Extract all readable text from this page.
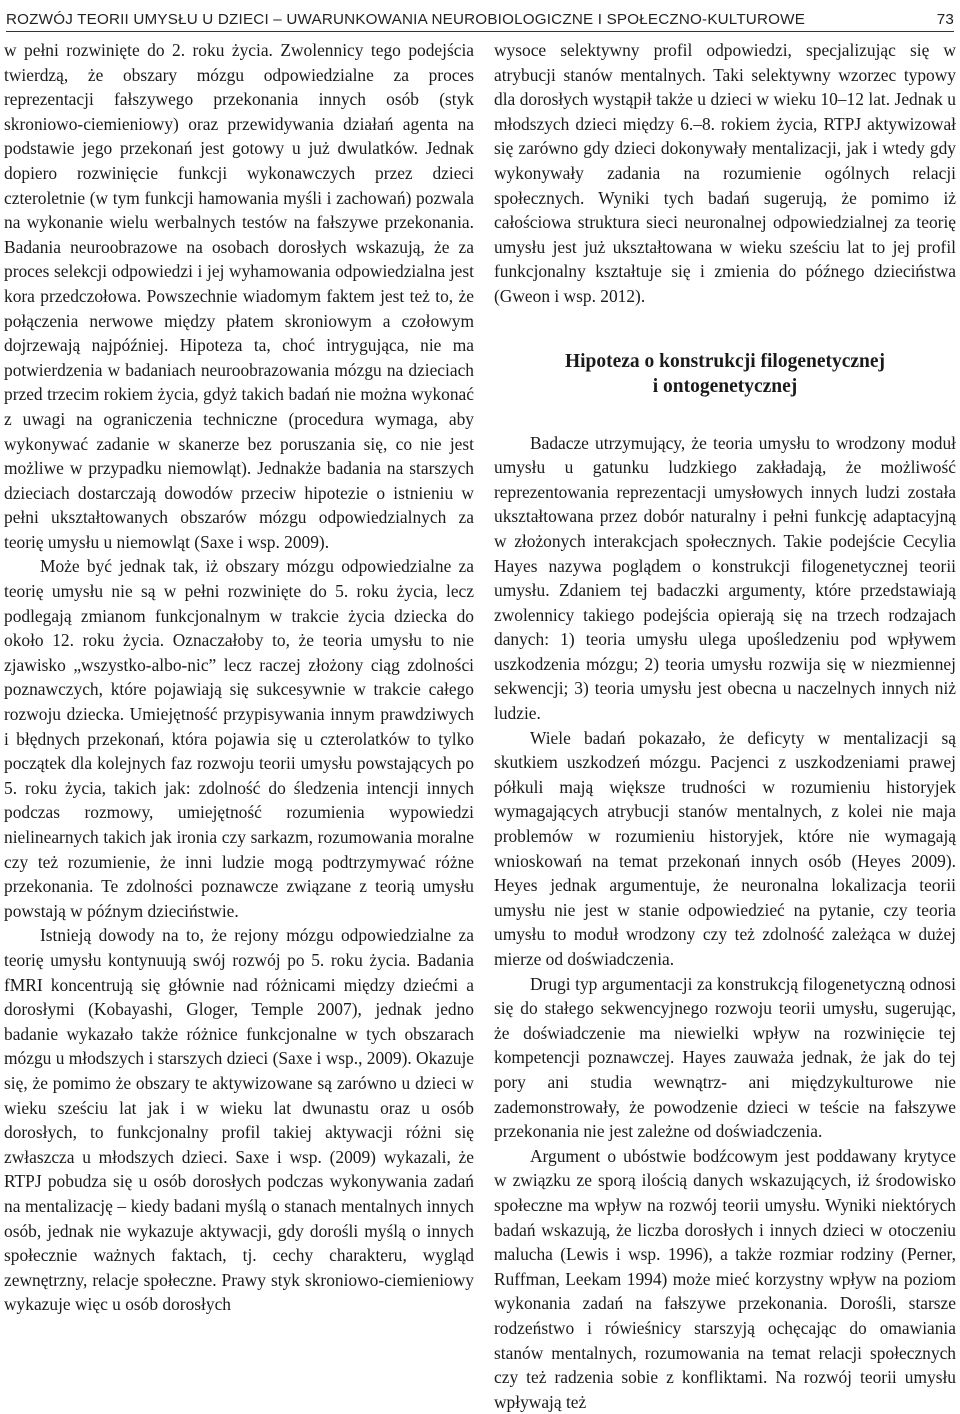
ROZWÓJ TEORII UMYSŁU U DZIECI – UWARUNKOWANIA NEUROBIOLOGICZNE I SPOŁECZNO-KULTUROWE	73

w pełni rozwinięte do 2. roku życia. Zwolennicy tego podejścia twierdzą, że obszary mózgu odpowiedzialne za proces reprezentacji fałszywego przekonania innych osób (styk skroniowo-ciemieniowy) oraz przewidywania działań agenta na podstawie jego przekonań jest gotowy u już dwulatków. Jednak dopiero rozwinięcie funkcji wykonawczych przez dzieci czteroletnie (w tym funkcji hamowania myśli i zachowań) pozwala na wykonanie wielu werbalnych testów na fałszywe przekonania. Badania neuroobrazowe na osobach dorosłych wskazują, że za proces selekcji odpowiedzi i jej wyhamowania odpowiedzialna jest kora przedczołowa. Powszechnie wiadomym faktem jest też to, że połączenia nerwowe między płatem skroniowym a czołowym dojrzewają najpóźniej. Hipoteza ta, choć intrygująca, nie ma potwierdzenia w badaniach neuroobrazowania mózgu na dzieciach przed trzecim rokiem życia, gdyż takich badań nie można wykonać z uwagi na ograniczenia techniczne (procedura wymaga, aby wykonywać zadanie w skanerze bez poruszania się, co nie jest możliwe w przypadku niemowląt). Jednakże badania na starszych dzieciach dostarczają dowodów przeciw hipotezie o istnieniu w pełni ukształtowanych obszarów mózgu odpowiedzialnych za teorię umysłu u niemowląt (Saxe i wsp. 2009).

Może być jednak tak, iż obszary mózgu odpowiedzialne za teorię umysłu nie są w pełni rozwinięte do 5. roku życia, lecz podlegają zmianom funkcjonalnym w trakcie życia dziecka do około 12. roku życia. Oznaczałoby to, że teoria umysłu to nie zjawisko „wszystko-albo-nic” lecz raczej złożony ciąg zdolności poznawczych, które pojawiają się sukcesywnie w trakcie całego rozwoju dziecka. Umiejętność przypisywania innym prawdziwych i błędnych przekonań, która pojawia się u czterolatków to tylko początek dla kolejnych faz rozwoju teorii umysłu powstających po 5. roku życia, takich jak: zdolność do śledzenia intencji innych podczas rozmowy, umiejętność rozumienia wypowiedzi nielinearnych takich jak ironia czy sarkazm, rozumowania moralne czy też rozumienie, że inni ludzie mogą podtrzymywać różne przekonania. Te zdolności poznawcze związane z teorią umysłu powstają w późnym dzieciństwie.

Istnieją dowody na to, że rejony mózgu odpowiedzialne za teorię umysłu kontynuują swój rozwój po 5. roku życia. Badania fMRI koncentrują się głównie nad różnicami między dziećmi a dorosłymi (Kobayashi, Gloger, Temple 2007), jednak jedno badanie wykazało także różnice funkcjonalne w tych obszarach mózgu u młodszych i starszych dzieci (Saxe i wsp., 2009). Okazuje się, że pomimo że obszary te aktywizowane są zarówno u dzieci w wieku sześciu lat jak i w wieku lat dwunastu oraz u osób dorosłych, to funkcjonalny profil takiej aktywacji różni się zwłaszcza u młodszych dzieci. Saxe i wsp. (2009) wykazali, że RTPJ pobudza się u osób dorosłych podczas wykonywania zadań na mentalizację – kiedy badani myślą o stanach mentalnych innych osób, jednak nie wykazuje aktywacji, gdy dorośli myślą o innych społecznie ważnych faktach, tj. cechy charakteru, wygląd zewnętrzny, relacje społeczne. Prawy styk skroniowo-ciemieniowy wykazuje więc u osób dorosłych

wysoce selektywny profil odpowiedzi, specjalizując się w atrybucji stanów mentalnych. Taki selektywny wzorzec typowy dla dorosłych wystąpił także u dzieci w wieku 10–12 lat. Jednak u młodszych dzieci między 6.–8. rokiem życia, RTPJ aktywizował się zarówno gdy dzieci dokonywały mentalizacji, jak i wtedy gdy wykonywały zadania na rozumienie ogólnych relacji społecznych. Wyniki tych badań sugerują, że pomimo iż całościowa struktura sieci neuronalnej odpowiedzialnej za teorię umysłu jest już ukształtowana w wieku sześciu lat to jej profil funkcjonalny kształtuje się i zmienia do późnego dzieciństwa (Gweon i wsp. 2012).

Hipoteza o konstrukcji filogenetycznej
i ontogenetycznej

Badacze utrzymujący, że teoria umysłu to wrodzony moduł umysłu u gatunku ludzkiego zakładają, że możliwość reprezentowania reprezentacji umysłowych innych ludzi została ukształtowana przez dobór naturalny i pełni funkcję adaptacyjną w złożonych interakcjach społecznych. Takie podejście Cecylia Hayes nazywa poglądem o konstrukcji filogenetycznej teorii umysłu. Zdaniem tej badaczki argumenty, które przedstawiają zwolennicy takiego podejścia opierają się na trzech rodzajach danych: 1) teoria umysłu ulega upośledzeniu pod wpływem uszkodzenia mózgu; 2) teoria umysłu rozwija się w niezmiennej sekwencji; 3) teoria umysłu jest obecna u naczelnych innych niż ludzie.

Wiele badań pokazało, że deficyty w mentalizacji są skutkiem uszkodzeń mózgu. Pacjenci z uszkodzeniami prawej półkuli mają większe trudności w rozumieniu historyjek wymagających atrybucji stanów mentalnych, z kolei nie maja problemów w rozumieniu historyjek, które nie wymagają wnioskowań na temat przekonań innych osób (Heyes 2009). Heyes jednak argumentuje, że neuronalna lokalizacja teorii umysłu nie jest w stanie odpowiedzieć na pytanie, czy teoria umysłu to moduł wrodzony czy też zdolność zależąca w dużej mierze od doświadczenia.

Drugi typ argumentacji za konstrukcją filogenetyczną odnosi się do stałego sekwencyjnego rozwoju teorii umysłu, sugerując, że doświadczenie ma niewielki wpływ na rozwinięcie tej kompetencji poznawczej. Hayes zauważa jednak, że jak do tej pory ani studia wewnątrz- ani międzykulturowe nie zademonstrowały, że powodzenie dzieci w teście na fałszywe przekonania nie jest zależne od doświadczenia.

Argument o ubóstwie bodźcowym jest poddawany krytyce w związku ze sporą ilością danych wskazujących, iż środowisko społeczne ma wpływ na rozwój teorii umysłu. Wyniki niektórych badań wskazują, że liczba dorosłych i innych dzieci w otoczeniu malucha (Lewis i wsp. 1996), a także rozmiar rodziny (Perner, Ruffman, Leekam 1994) może mieć korzystny wpływ na poziom wykonania zadań na fałszywe przekonania. Dorośli, starsze rodzeństwo i rówieśnicy starszyją ochęcając do omawiania stanów mentalnych, rozumowania na temat relacji społecznych czy też radzenia sobie z konfliktami. Na rozwój teorii umysłu wpływają też
